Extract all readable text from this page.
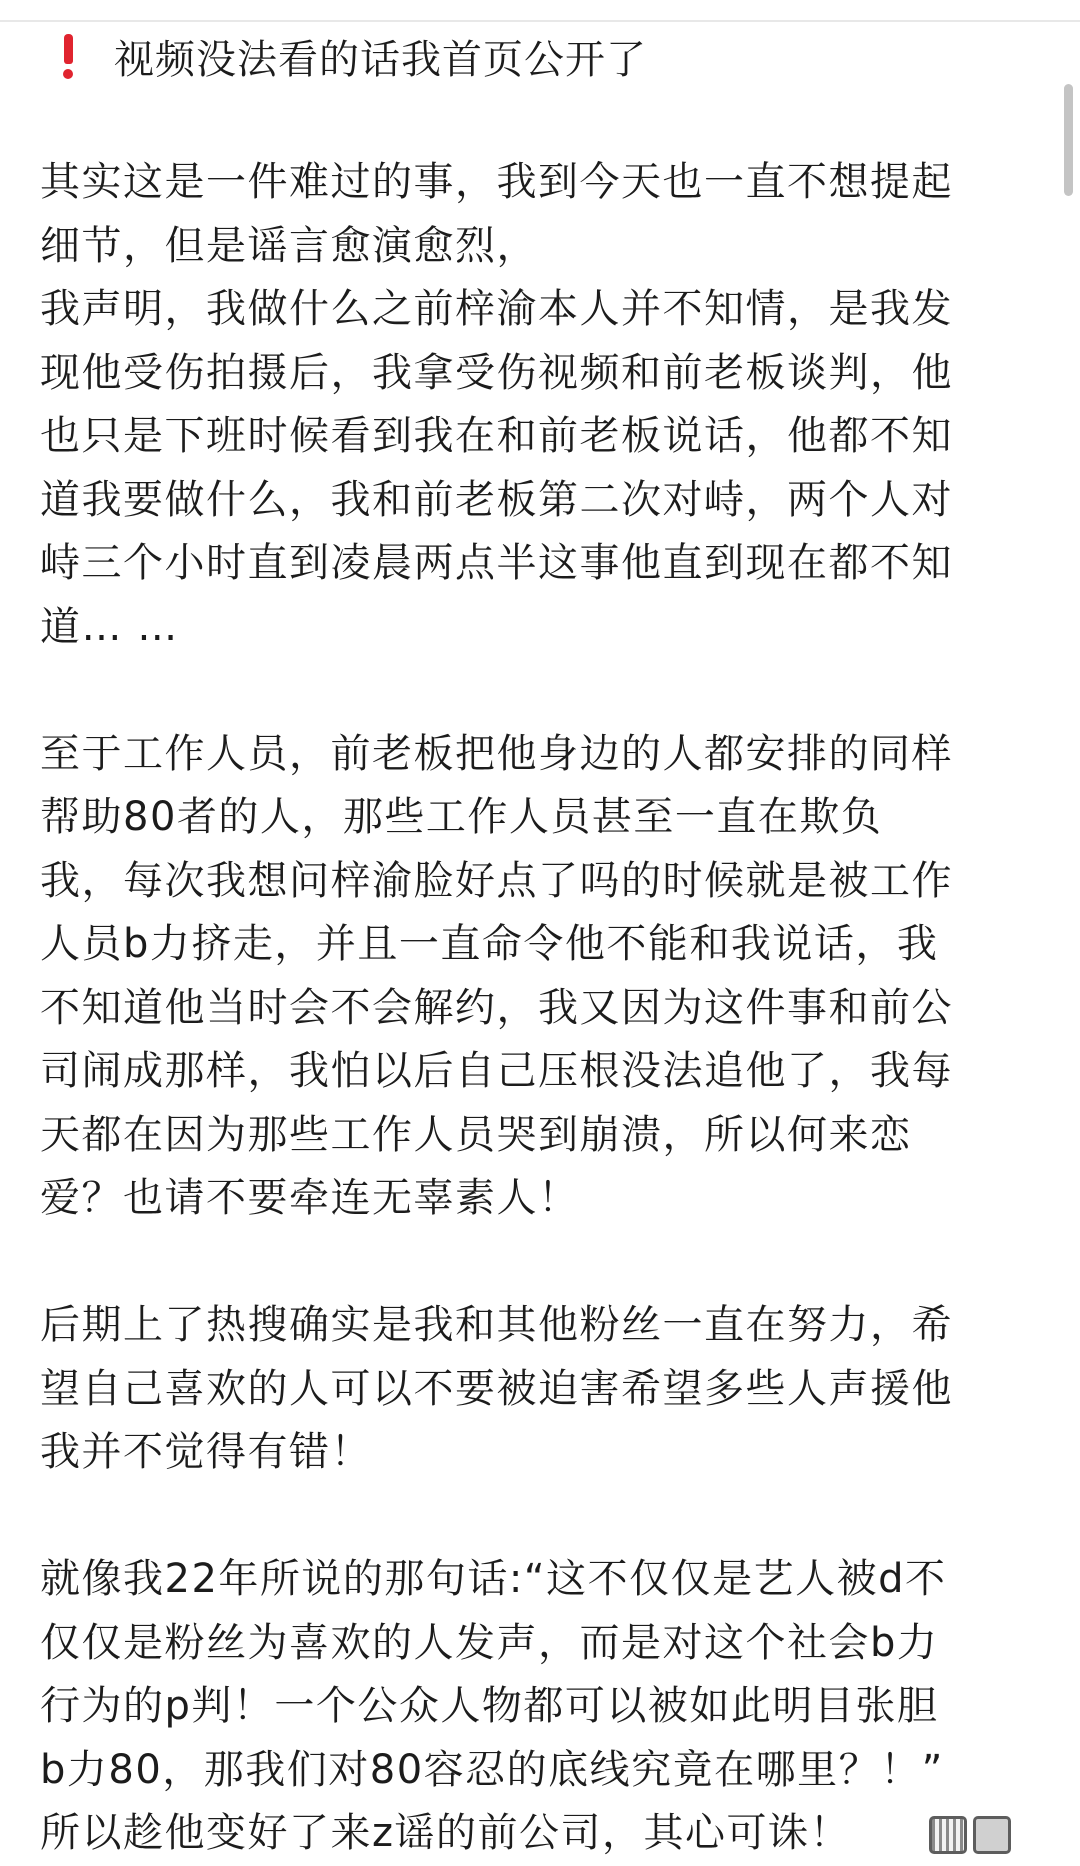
视频没法看的话我首页公开了
其实这是一件难过的事，我到今天也一直不想提起
细节，但是谣言愈演愈烈，
我声明，我做什么之前梓渝本人并不知情，是我发
现他受伤拍摄后，我拿受伤视频和前老板谈判，他
也只是下班时候看到我在和前老板说话，他都不知
道我要做什么，我和前老板第二次对峙，两个人对
峙三个小时直到凌晨两点半这事他直到现在都不知
道… …
至于工作人员，前老板把他身边的人都安排的同样
帮助80者的人，那些工作人员甚至一直在欺负
我，每次我想问梓渝脸好点了吗的时候就是被工作
人员b力挤走，并且一直命令他不能和我说话，我
不知道他当时会不会解约，我又因为这件事和前公
司闹成那样，我怕以后自己压根没法追他了，我每
天都在因为那些工作人员哭到崩溃，所以何来恋
爱？也请不要牵连无辜素人！
后期上了热搜确实是我和其他粉丝一直在努力，希
望自己喜欢的人可以不要被迫害希望多些人声援他
我并不觉得有错！
就像我22年所说的那句话:“这不仅仅是艺人被d不
仅仅是粉丝为喜欢的人发声，而是对这个社会b力
行为的p判！一个公众人物都可以被如此明目张胆
b力80，那我们对80容忍的底线究竟在哪里？！”
所以趁他变好了来z谣的前公司，其心可诛！
